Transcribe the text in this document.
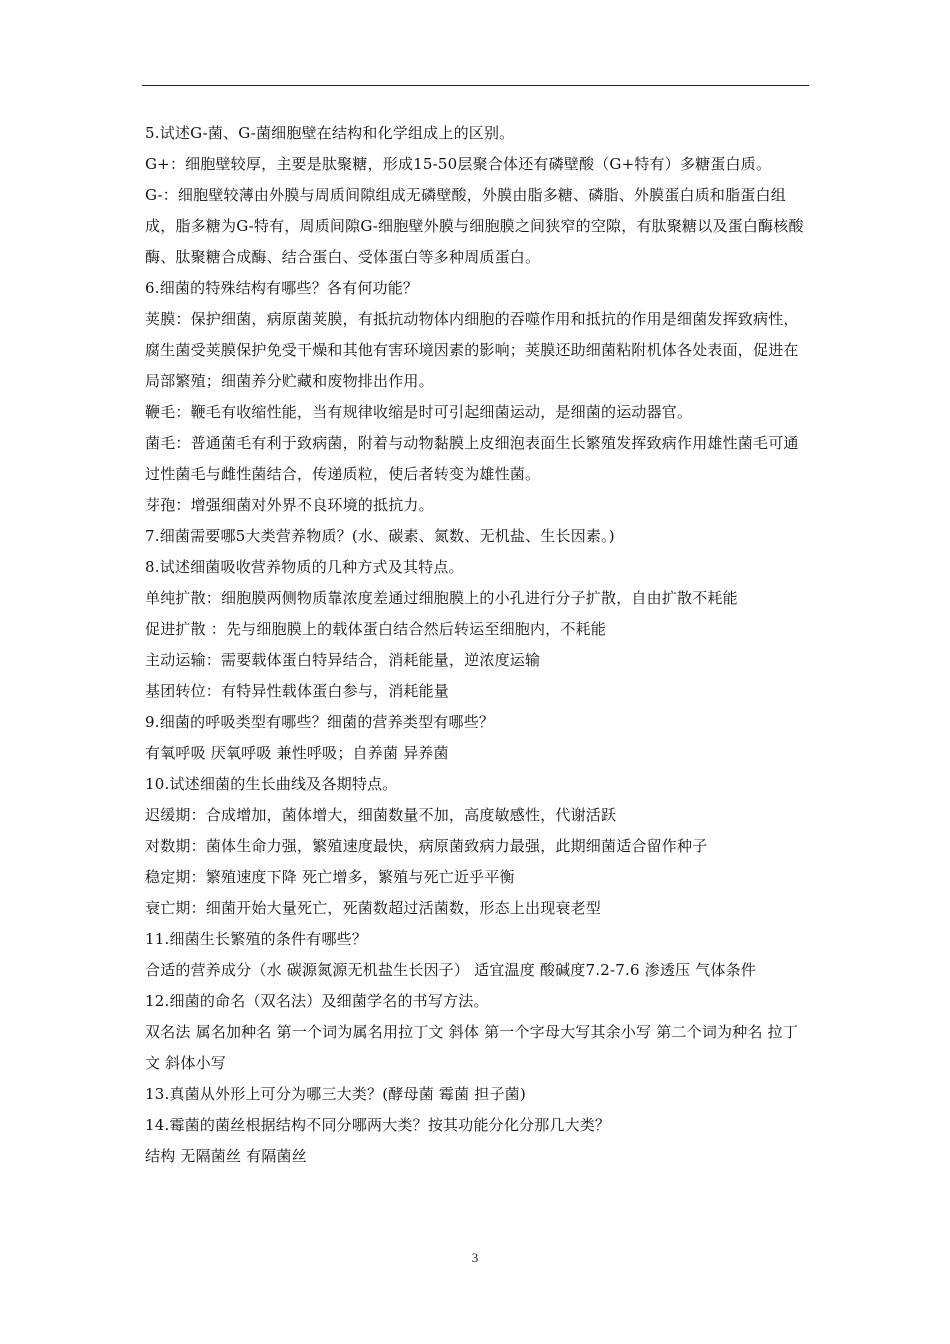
5.试述G-菌、G-菌细胞壁在结构和化学组成上的区别。

G+：细胞壁较厚，主要是肽聚糖，形成15-50层聚合体还有磷壁酸（G+特有）多糖蛋白质。

G-：细胞壁较薄由外膜与周质间隙组成无磷壁酸，外膜由脂多糖、磷脂、外膜蛋白质和脂蛋白组成，脂多糖为G-特有，周质间隙G-细胞壁外膜与细胞膜之间狭窄的空隙，有肽聚糖以及蛋白酶核酸酶、肽聚糖合成酶、结合蛋白、受体蛋白等多种周质蛋白。

6.细菌的特殊结构有哪些？各有何功能？

荚膜：保护细菌，病原菌荚膜，有抵抗动物体内细胞的吞噬作用和抵抗的作用是细菌发挥致病性，腐生菌受荚膜保护免受干燥和其他有害环境因素的影响；荚膜还助细菌粘附机体各处表面，促进在局部繁殖；细菌养分贮藏和废物排出作用。

鞭毛：鞭毛有收缩性能，当有规律收缩是时可引起细菌运动，是细菌的运动器官。

菌毛：普通菌毛有利于致病菌，附着与动物黏膜上皮细泡表面生长繁殖发挥致病作用雄性菌毛可通过性菌毛与雌性菌结合，传递质粒，使后者转变为雄性菌。

芽孢：增强细菌对外界不良环境的抵抗力。

7.细菌需要哪5大类营养物质？(水、碳素、氮数、无机盐、生长因素。)

8.试述细菌吸收营养物质的几种方式及其特点。

单纯扩散：细胞膜两侧物质靠浓度差通过细胞膜上的小孔进行分子扩散，自由扩散不耗能

促进扩散 ：先与细胞膜上的载体蛋白结合然后转运至细胞内，不耗能

主动运输：需要载体蛋白特异结合，消耗能量，逆浓度运输

基团转位：有特异性载体蛋白参与，消耗能量

9.细菌的呼吸类型有哪些？细菌的营养类型有哪些？

有氧呼吸 厌氧呼吸 兼性呼吸；自养菌 异养菌

10.试述细菌的生长曲线及各期特点。

迟缓期：合成增加，菌体增大，细菌数量不加，高度敏感性，代谢活跃

对数期：菌体生命力强，繁殖速度最快，病原菌致病力最强，此期细菌适合留作种子

稳定期：繁殖速度下降 死亡增多，繁殖与死亡近乎平衡

衰亡期：细菌开始大量死亡，死菌数超过活菌数，形态上出现衰老型

11.细菌生长繁殖的条件有哪些？

合适的营养成分（水 碳源氮源无机盐生长因子） 适宜温度 酸碱度7.2-7.6 渗透压 气体条件

12.细菌的命名（双名法）及细菌学名的书写方法。

双名法 属名加种名 第一个词为属名用拉丁文 斜体 第一个字母大写其余小写 第二个词为种名 拉丁文 斜体小写

13.真菌从外形上可分为哪三大类？(酵母菌 霉菌 担子菌)

14.霉菌的菌丝根据结构不同分哪两大类？按其功能分化分那几大类？

结构 无隔菌丝 有隔菌丝

3
